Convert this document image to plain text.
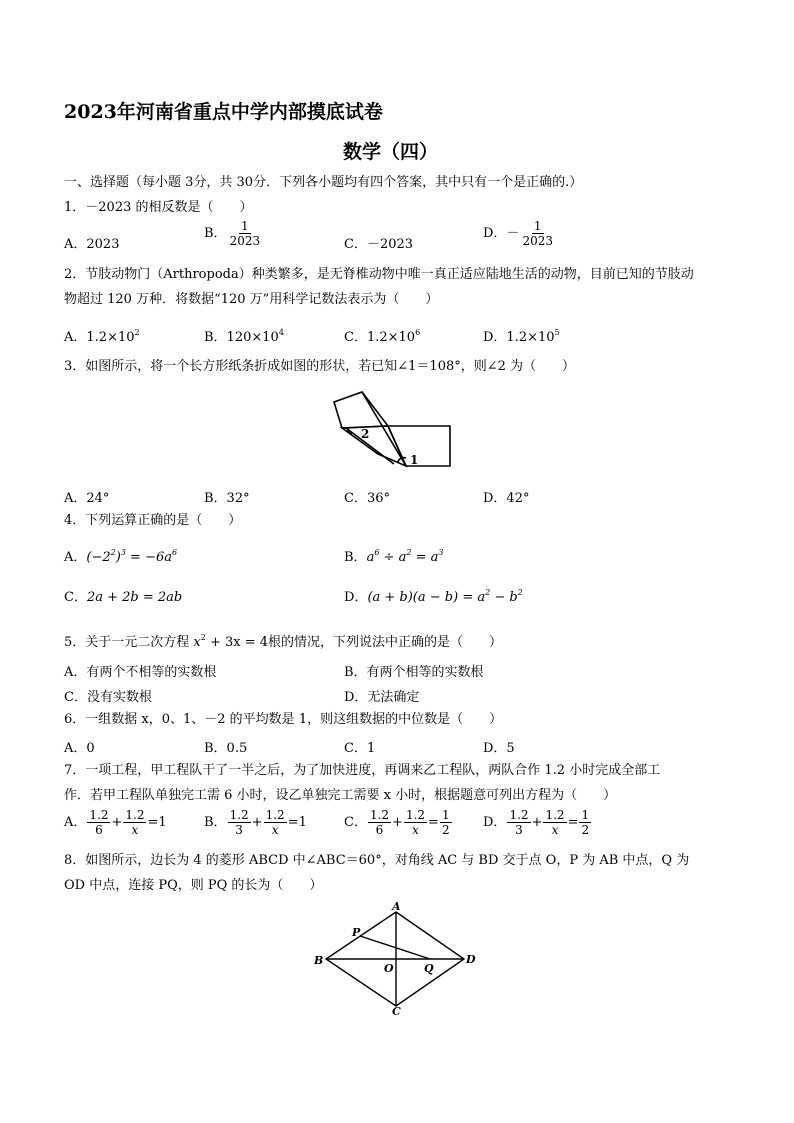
2023年河南省重点中学内部摸底试卷
数学（四）
一、选择题（每小题 3分，共 30分．下列各小题均有四个答案，其中只有一个是正确的.）
1．－2023 的相反数是（　　）
A．2023
B． $\frac{1}{2023}$	C．－2023
D．－ $\frac{1}{2023}$
2．节肢动物门（Arthropoda）种类繁多，是无脊椎动物中唯一真正适应陆地生活的动物，目前已知的节肢动
物超过 120 万种．将数据“120 万”用科学记数法表示为（　　）
A．$1.2\times 10^2$	B．$120\times 10^4$	C．$1.2\times 10^6$	D．$1.2\times 10^5$
3．如图所示，将一个长方形纸条折成如图的形状，若已知∠1＝108°，则∠2 为（　　）
2
1
A．24°	B．32°	C．36°	D．42°
4．下列运算正确的是（　　）
A．$(-2^2)^3 = -6a^6$	B．$a^6 \div a^2 = a^3$
C．2a + 2b = 2ab	D．$(a + b)(a - b) = a^2 - b^2$
5．关于一元二次方程 $x^2 + 3x = 4$根的情况，下列说法中正确的是（　　）
A．有两个不相等的实数根	B．有两个相等的实数根
C．没有实数根	D．无法确定
6．一组数据 x，0、1、－2 的平均数是 1，则这组数据的中位数是（　　）
A．0	B．0.5	C．1	D．5
7．一项工程，甲工程队干了一半之后，为了加快进度，再调来乙工程队，两队合作 1.2 小时完成全部工
作．若甲工程队单独完工需 6 小时，设乙单独完工需要 x 小时，根据题意可列出方程为（　　）
A． $\frac{1.2}{6} + \frac{1.2}{x} =1$	B． $\frac{1.2}{3} + \frac{1.2}{x} =1$	C． $\frac{1.2}{6} + \frac{1.2}{x} = \frac{1}{2}$ D． $\frac{1.2}{3} + \frac{1.2}{x} = \frac{1}{2}$
8．如图所示，边长为 4 的菱形 ABCD 中∠ABC＝60°，对角线 AC 与 BD 交于点 O，P 为 AB 中点，Q 为
OD 中点，连接 PQ，则 PQ 的长为（　　）
A
B
C
D
O
P
Q
